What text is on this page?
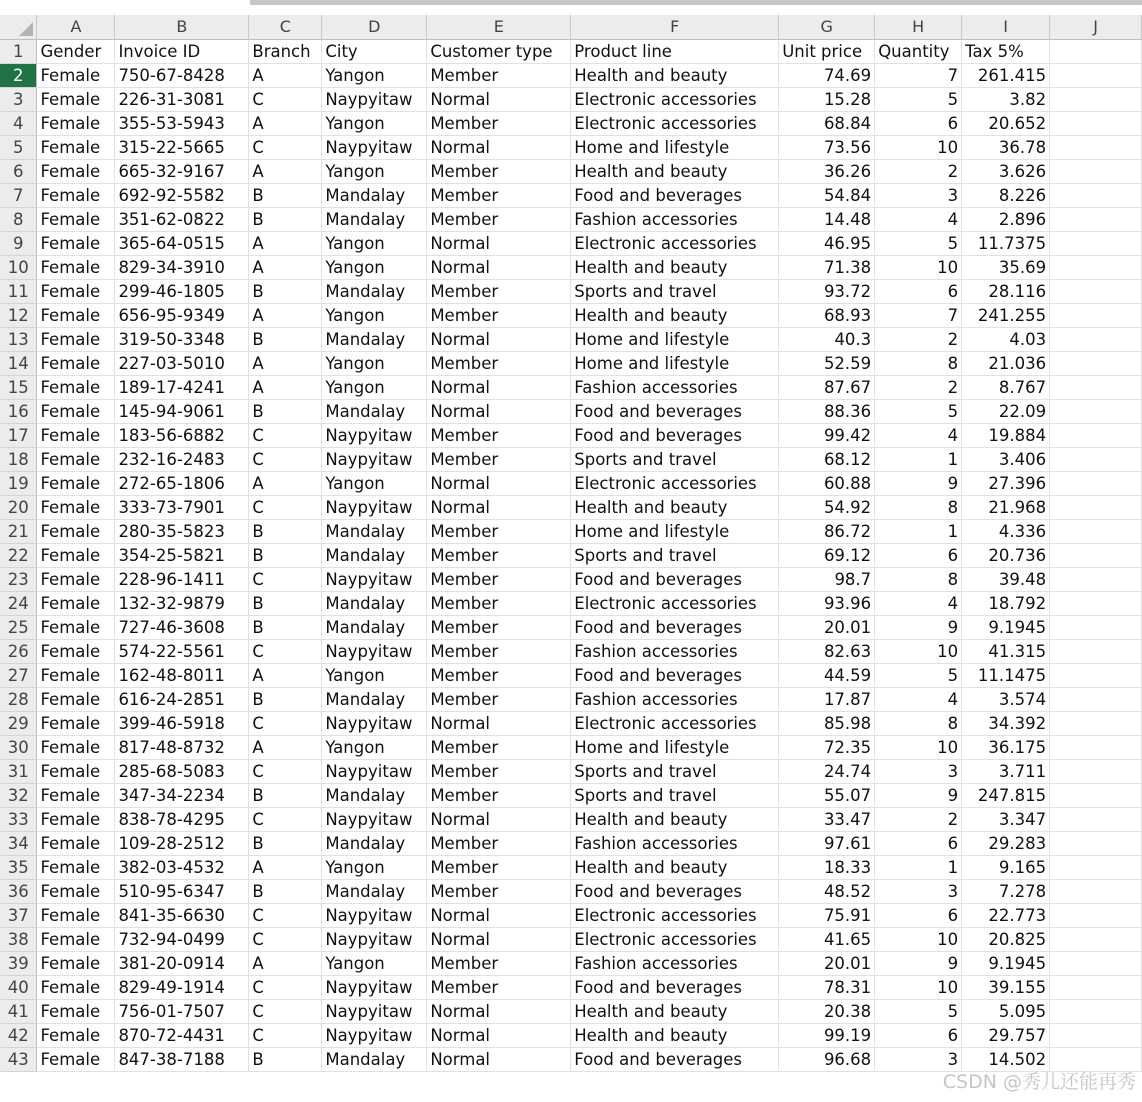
	A	B	C	D	E	F	G	H	I	J
1	Gender	Invoice ID	Branch	City	Customer type	Product line	Unit price	Quantity	Tax 5%	
2	Female	750-67-8428	A	Yangon	Member	Health and beauty	74.69	7	261.415	
3	Female	226-31-3081	C	Naypyitaw	Normal	Electronic accessories	15.28	5	3.82	
4	Female	355-53-5943	A	Yangon	Member	Electronic accessories	68.84	6	20.652	
5	Female	315-22-5665	C	Naypyitaw	Normal	Home and lifestyle	73.56	10	36.78	
6	Female	665-32-9167	A	Yangon	Member	Health and beauty	36.26	2	3.626	
7	Female	692-92-5582	B	Mandalay	Member	Food and beverages	54.84	3	8.226	
8	Female	351-62-0822	B	Mandalay	Member	Fashion accessories	14.48	4	2.896	
9	Female	365-64-0515	A	Yangon	Normal	Electronic accessories	46.95	5	11.7375	
10	Female	829-34-3910	A	Yangon	Normal	Health and beauty	71.38	10	35.69	
11	Female	299-46-1805	B	Mandalay	Member	Sports and travel	93.72	6	28.116	
12	Female	656-95-9349	A	Yangon	Member	Health and beauty	68.93	7	241.255	
13	Female	319-50-3348	B	Mandalay	Normal	Home and lifestyle	40.3	2	4.03	
14	Female	227-03-5010	A	Yangon	Member	Home and lifestyle	52.59	8	21.036	
15	Female	189-17-4241	A	Yangon	Normal	Fashion accessories	87.67	2	8.767	
16	Female	145-94-9061	B	Mandalay	Normal	Food and beverages	88.36	5	22.09	
17	Female	183-56-6882	C	Naypyitaw	Member	Food and beverages	99.42	4	19.884	
18	Female	232-16-2483	C	Naypyitaw	Member	Sports and travel	68.12	1	3.406	
19	Female	272-65-1806	A	Yangon	Normal	Electronic accessories	60.88	9	27.396	
20	Female	333-73-7901	C	Naypyitaw	Normal	Health and beauty	54.92	8	21.968	
21	Female	280-35-5823	B	Mandalay	Member	Home and lifestyle	86.72	1	4.336	
22	Female	354-25-5821	B	Mandalay	Member	Sports and travel	69.12	6	20.736	
23	Female	228-96-1411	C	Naypyitaw	Member	Food and beverages	98.7	8	39.48	
24	Female	132-32-9879	B	Mandalay	Member	Electronic accessories	93.96	4	18.792	
25	Female	727-46-3608	B	Mandalay	Member	Food and beverages	20.01	9	9.1945	
26	Female	574-22-5561	C	Naypyitaw	Member	Fashion accessories	82.63	10	41.315	
27	Female	162-48-8011	A	Yangon	Member	Food and beverages	44.59	5	11.1475	
28	Female	616-24-2851	B	Mandalay	Member	Fashion accessories	17.87	4	3.574	
29	Female	399-46-5918	C	Naypyitaw	Normal	Electronic accessories	85.98	8	34.392	
30	Female	817-48-8732	A	Yangon	Member	Home and lifestyle	72.35	10	36.175	
31	Female	285-68-5083	C	Naypyitaw	Member	Sports and travel	24.74	3	3.711	
32	Female	347-34-2234	B	Mandalay	Member	Sports and travel	55.07	9	247.815	
33	Female	838-78-4295	C	Naypyitaw	Normal	Health and beauty	33.47	2	3.347	
34	Female	109-28-2512	B	Mandalay	Member	Fashion accessories	97.61	6	29.283	
35	Female	382-03-4532	A	Yangon	Member	Health and beauty	18.33	1	9.165	
36	Female	510-95-6347	B	Mandalay	Member	Food and beverages	48.52	3	7.278	
37	Female	841-35-6630	C	Naypyitaw	Normal	Electronic accessories	75.91	6	22.773	
38	Female	732-94-0499	C	Naypyitaw	Normal	Electronic accessories	41.65	10	20.825	
39	Female	381-20-0914	A	Yangon	Member	Fashion accessories	20.01	9	9.1945	
40	Female	829-49-1914	C	Naypyitaw	Member	Food and beverages	78.31	10	39.155	
41	Female	756-01-7507	C	Naypyitaw	Normal	Health and beauty	20.38	5	5.095	
42	Female	870-72-4431	C	Naypyitaw	Normal	Health and beauty	99.19	6	29.757	
43	Female	847-38-7188	B	Mandalay	Normal	Food and beverages	96.68	3	14.502	
CSDN @秀儿还能再秀
